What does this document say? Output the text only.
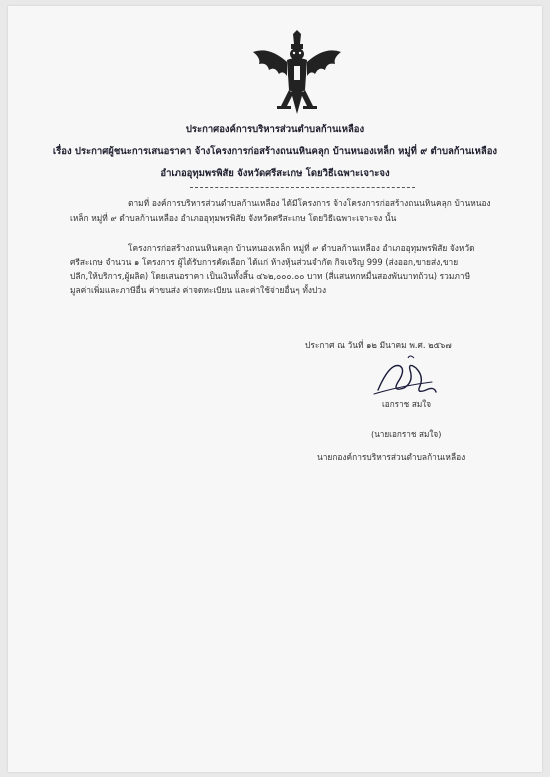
ประกาศองค์การบริหารส่วนตำบลก้านเหลือง
เรื่อง ประกาศผู้ชนะการเสนอราคา จ้างโครงการก่อสร้างถนนหินคลุก บ้านหนองเหล็ก หมู่ที่ ๙ ตำบลก้านเหลือง
อำเภออุทุมพรพิสัย จังหวัดศรีสะเกษ โดยวิธีเฉพาะเจาะจง
ตามที่ องค์การบริหารส่วนตำบลก้านเหลือง ได้มีโครงการ จ้างโครงการก่อสร้างถนนหินคลุก บ้านหนอง
เหล็ก หมู่ที่ ๙ ตำบลก้านเหลือง อำเภออุทุมพรพิสัย จังหวัดศรีสะเกษ โดยวิธีเฉพาะเจาะจง นั้น
โครงการก่อสร้างถนนหินคลุก บ้านหนองเหล็ก หมู่ที่ ๙ ตำบลก้านเหลือง อำเภออุทุมพรพิสัย จังหวัด
ศรีสะเกษ จำนวน ๑ โครงการ ผู้ได้รับการคัดเลือก ได้แก่ ห้างหุ้นส่วนจำกัด กิจเจริญ 999 (ส่งออก,ขายส่ง,ขาย
ปลีก,ให้บริการ,ผู้ผลิต) โดยเสนอราคา เป็นเงินทั้งสิ้น ๔๖๒,๐๐๐.๐๐ บาท (สี่แสนหกหมื่นสองพันบาทถ้วน) รวมภาษี
มูลค่าเพิ่มและภาษีอื่น ค่าขนส่ง ค่าจดทะเบียน และค่าใช้จ่ายอื่นๆ ทั้งปวง
ประกาศ ณ วันที่ ๑๒ มีนาคม พ.ศ. ๒๕๖๗
เอกราช สมใจ
(นายเอกราช สมใจ)
นายกองค์การบริหารส่วนตำบลก้านเหลือง
